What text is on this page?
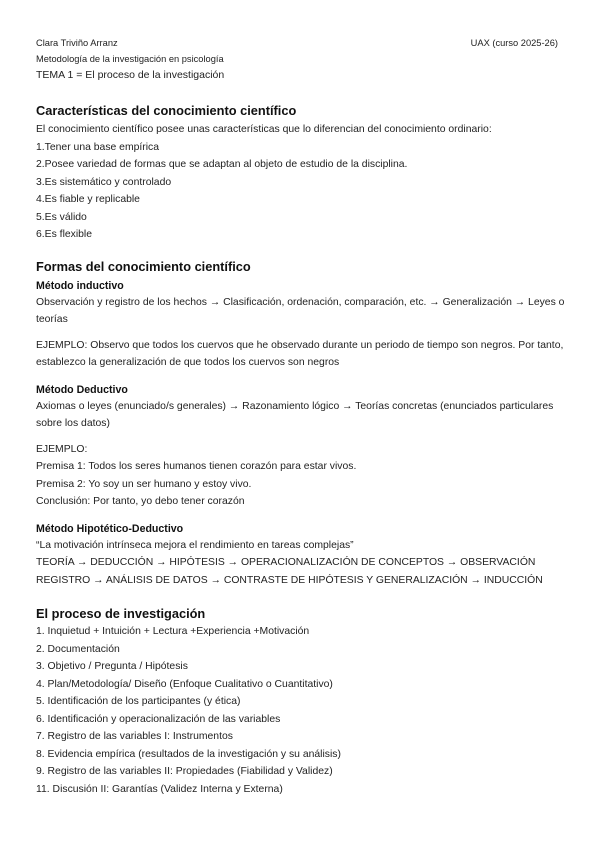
Clara Triviño Arranz	UAX (curso 2025-26)
Metodología de la investigación en psicología
TEMA 1 = El proceso de la investigación
Características del conocimiento científico

El conocimiento científico posee unas características que lo diferencian del conocimiento ordinario:

1.Tener una base empírica
2.Posee variedad de formas que se adaptan al objeto de estudio de la disciplina.
3.Es sistemático y controlado
4.Es fiable y replicable
5.Es válido
6.Es flexible
Formas del conocimiento científico
Método inductivo

Observación y registro de los hechos → Clasificación, ordenación, comparación, etc. → Generalización → Leyes o teorías

EJEMPLO: Observo que todos los cuervos que he observado durante un periodo de tiempo son negros. Por tanto, establezco la generalización de que todos los cuervos son negros

Método Deductivo

Axiomas o leyes (enunciado/s generales) → Razonamiento lógico → Teorías concretas (enunciados particulares sobre los datos)

EJEMPLO:
Premisa 1: Todos los seres humanos tienen corazón para estar vivos.
Premisa 2: Yo soy un ser humano y estoy vivo.
Conclusión: Por tanto, yo debo tener corazón
Método Hipotético-Deductivo
“La motivación intrínseca mejora el rendimiento en tareas complejas”

TEORÍA → DEDUCCIÓN → HIPÓTESIS → OPERACIONALIZACIÓN DE CONCEPTOS → OBSERVACIÓN REGISTRO → ANÁLISIS DE DATOS → CONTRASTE DE HIPÓTESIS Y GENERALIZACIÓN → INDUCCIÓN

El proceso de investigación
1. Inquietud + Intuición + Lectura +Experiencia +Motivación
2. Documentación
3. Objetivo / Pregunta / Hipótesis
4. Plan/Metodología/ Diseño (Enfoque Cualitativo o Cuantitativo)
5. Identificación de los participantes (y ética)
6. Identificación y operacionalización de las variables
7. Registro de las variables I: Instrumentos
8. Evidencia empírica (resultados de la investigación y su análisis)
9. Registro de las variables II: Propiedades (Fiabilidad y Validez)
11. Discusión II: Garantías (Validez Interna y Externa)
